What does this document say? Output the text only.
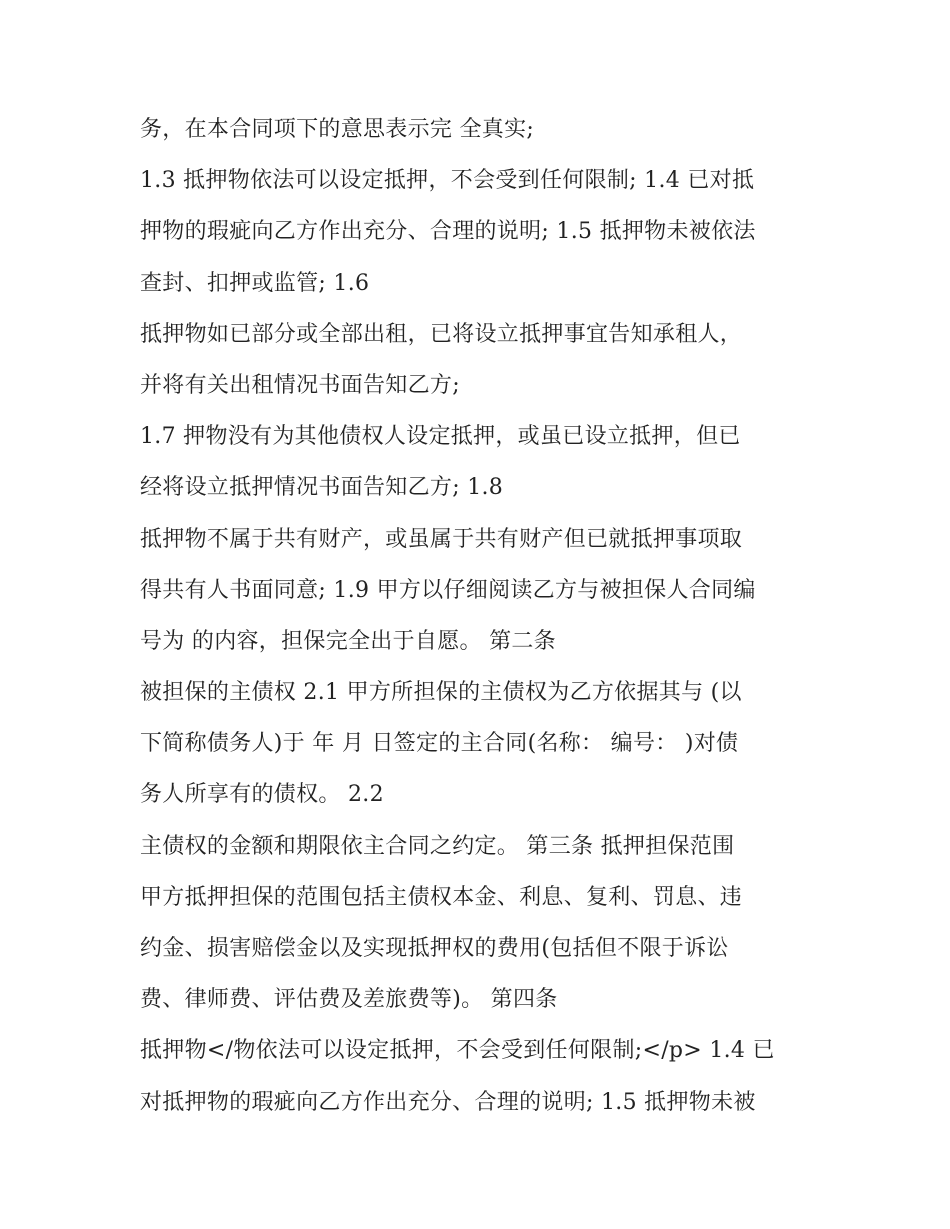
务，在本合同项下的意思表示完 全真实;
1.3 抵押物依法可以设定抵押，不会受到任何限制; 1.4 已对抵
押物的瑕疵向乙方作出充分、合理的说明; 1.5 抵押物未被依法
查封、扣押或监管; 1.6
抵押物如已部分或全部出租，已将设立抵押事宜告知承租人，
并将有关出租情况书面告知乙方;
1.7 押物没有为其他债权人设定抵押，或虽已设立抵押，但已
经将设立抵押情况书面告知乙方; 1.8
抵押物不属于共有财产，或虽属于共有财产但已就抵押事项取
得共有人书面同意; 1.9 甲方以仔细阅读乙方与被担保人合同编
号为 的内容，担保完全出于自愿。 第二条
被担保的主债权 2.1 甲方所担保的主债权为乙方依据其与 (以
下简称债务人)于 年 月 日签定的主合同(名称： 编号： )对债
务人所享有的债权。 2.2
主债权的金额和期限依主合同之约定。 第三条 抵押担保范围
甲方抵押担保的范围包括主债权本金、利息、复利、罚息、违
约金、损害赔偿金以及实现抵押权的费用(包括但不限于诉讼
费、律师费、评估费及差旅费等)。 第四条
抵押物</物依法可以设定抵押，不会受到任何限制;</p> 1.4 已
对抵押物的瑕疵向乙方作出充分、合理的说明; 1.5 抵押物未被
